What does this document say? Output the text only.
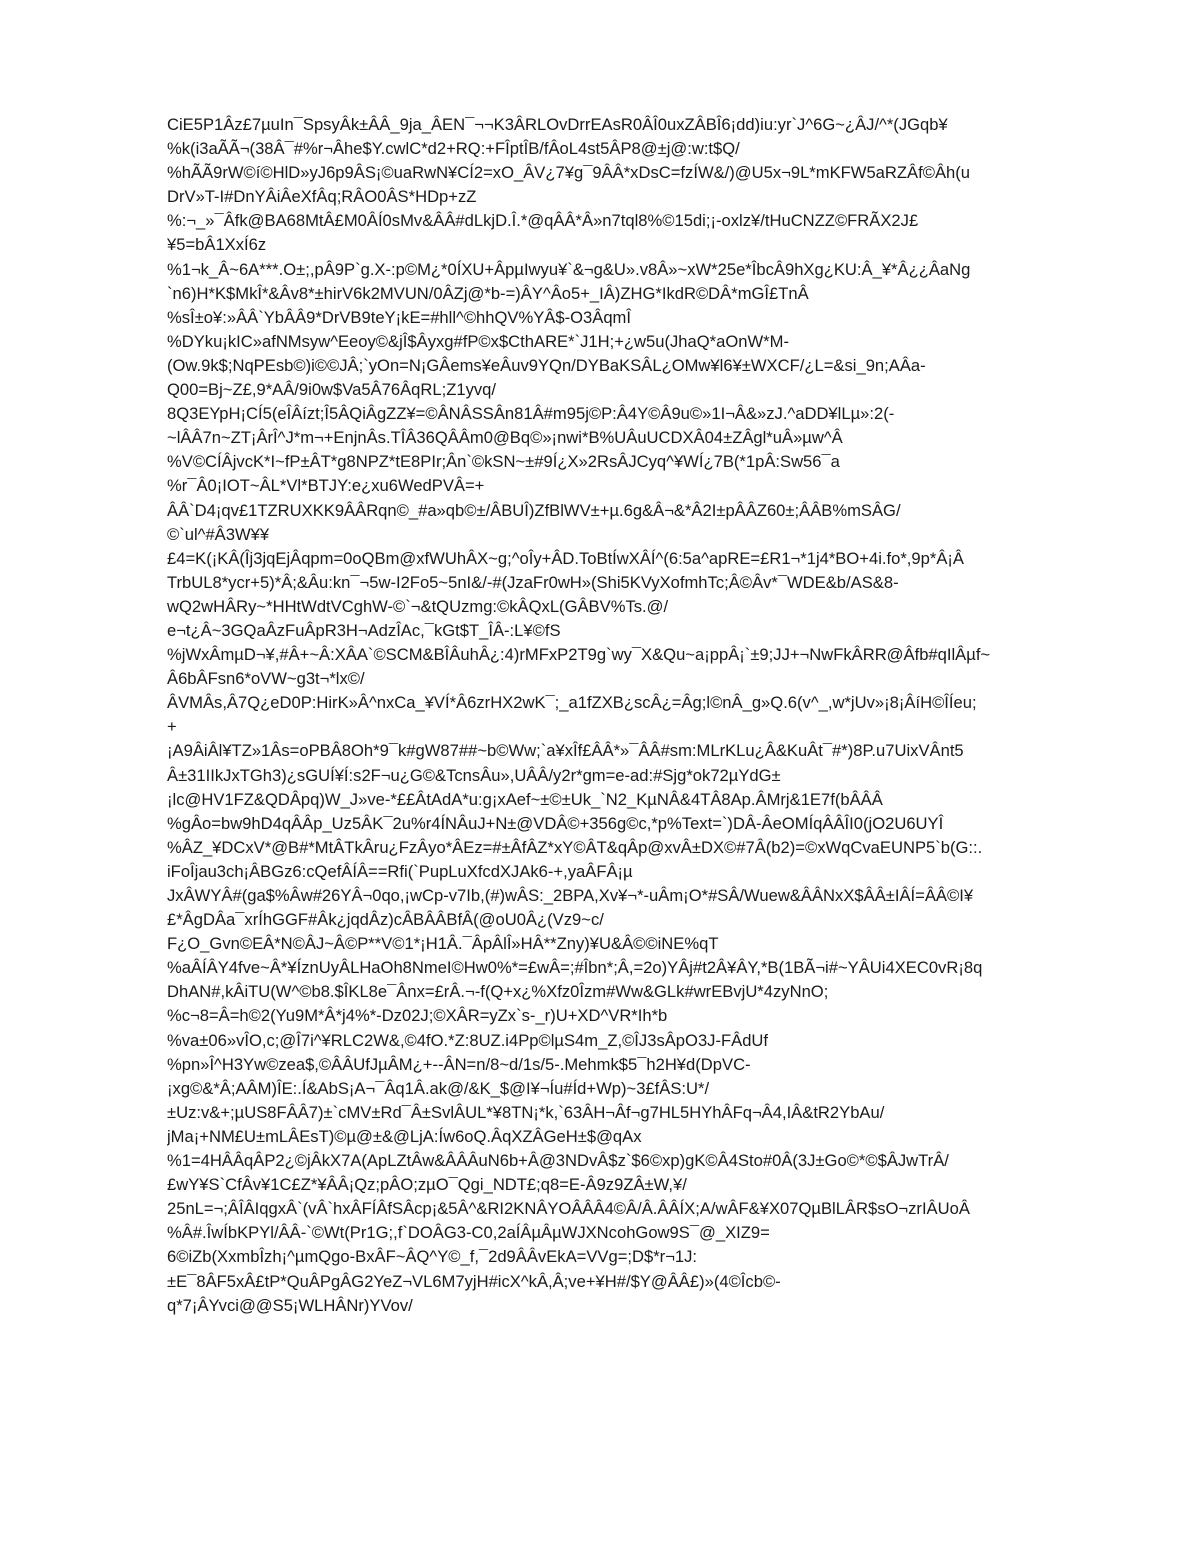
CiE5P1Âz£7µuIn¯SpsyÂk±ÂÂ_9ja_ÂEN¯¬¬K3ÂRLOvDrrEAsR0ÂÎ0uxZÂBÎ6¡dd)iu:yr`J^6G~¿ÂJ/^*(JGqb¥
%k(i3aÃÃ¬(38Â¯#%r¬Âhe$Y.cwlC*d2+RQ:+FÎptÎB/fÂoL4st5ÂP8@±j@:w:t$Q/
%hÃÃ9rW©í©HlD»yJ6p9ÂS¡©uaRwN¥CÍ2=xO_ÂV¿7¥g¯9ÂÂ*xDsC=fzÍW&/)@U5x¬9L*mKFW5aRZÂf©Âh(u
DrV»T-I#DnYÂiÂeXfÂq;RÂO0ÂS*HDp+zZ
%:¬_»¯Âfk@BA68MtÂ£M0ÂÍ0sMv&ÂÂ#dLkjD.Î.*@qÂÂ*Â»n7tql8%©15di;¡-oxlz¥/tHuCNZZ©FRÃX2J£
¥5=bÂ1XxÍ6z
%1¬k_Â~6A***.O±;,pÂ9P`g.X-:p©M¿*0ÍXU+ÂpµIwyu¥`&¬g&U».v8Â»~xW*25e*ÎbcÂ9hXg¿KU:Â_¥*Â¿¿ÂaNg
`n6)H*K$MkÎ*&Âv8*±hirV6k2MVUN/0ÂZj@*b-=)ÂY^Âo5+_IÂ)ZHG*IkdR©DÂ*mGÎ£TnÂ
%sÎ±o¥:»ÂÂ`YbÂÂ9*DrVB9teY¡kE=#hll^©hhQV%YÂ$-O3ÂqmÎ
%DYku¡kIC»afNMsyw^Eeoy©&jÎ$Âyxg#fP©x$CthARE*`J1H;+¿w5u(JhaQ*aOnW*M-
(Ow.9k$;NqPEsb©)i©©JÂ;`yOn=N¡GÂems¥eÂuv9YQn/DYBaKSÂL¿OMw¥l6¥±WXCF/¿L=&si_9n;AÂa-
Q00=Bj~Z£,9*AÂ/9i0w$Va5Â76ÂqRL;Z1yvq/
8Q3EYpH¡CÍ5(eÎÂízt;Î5ÂQiÂgZZ¥=©ÂNÂSSÂn81Â#m95j©P:Â4Y©Â9u©»1I¬Â&»zJ.^aDD¥lLµ»:2(-
~lÂÂ7n~ZT¡ÂrÎ^J*m¬+EnjnÂs.TÎÂ36QÂÂm0@Bq©»¡nwi*B%UÂuUCDXÂ04±ZÂgl*uÂ»µw^Â
%V©CÍÂjvcK*I~fP±ÂT*g8NPZ*tE8PIr;Ân`©kSN~±#9Í¿X»2RsÂJCyq^¥WÍ¿7B(*1pÂ:Sw56¯a
%r¯Â0¡IOT~ÂL*Vl*BTJY:e¿xu6WedPVÂ=+
ÂÂ`D4¡qv£1TZRUXKK9ÂÂRqn©_#a»qb©±/ÂBUÎ)ZfBlWV±+µ.6g&Â¬&*Â2I±pÂÂZ60±;ÂÂB%mSÂG/
©`ul^#Â3W¥¥
£4=K(¡KÂ(Îj3jqEjÂqpm=0oQBm@xfWUhÂX~g;^oÎy+ÂD.ToBtÍwXÂÍ^(6:5a^apRE=£R1¬*1j4*BO+4i.fo*,9p*Â¡Â
TrbUL8*ycr+5)*Â;&Âu:kn¯¬5w-I2Fo5~5nI&/-#(JzaFr0wH»(Shi5KVyXofmhTc;Â©Âv*¯WDE&b/AS&8-
wQ2wHÂRy~*HHtWdtVCghW-©`¬&tQUzmg:©kÂQxL(GÂBV%Ts.@/
e¬t¿Â~3GQaÂzFuÂpR3H¬AdzÎAc,¯kGt$T_ÎÂ-:L¥©fS
%jWxÂmµD¬¥,#Â+~Â:XÂA`©SCM&BÎÂuhÂ¿:4)rMFxP2T9g`wy¯X&Qu~a¡ppÂ¡`±9;JJ+¬NwFkÂRR@Âfb#qIlÂµf~
Â6bÂFsn6*oVW~g3t¬*lx©/
ÂVMÂs,Â7Q¿eD0P:HirK»Â^nxCa_¥VÍ*Â6zrHX2wK¯;_a1fZXB¿scÂ¿=Âg;l©nÂ_g»Q.6(v^_,w*jUv»¡8¡ÂíH©ÎÍeu;
+
¡A9ÂiÂl¥TZ»1Âs=oPBÂ8Oh*9¯k#gW87##~b©Ww;`a¥xÎf£ÂÂ*»¯ÂÂ#sm:MLrKLu¿Â&KuÂt¯#*)8P.u7UixVÂnt5
Â±31IIkJxTGh3)¿sGUÍ¥Í:s2F¬u¿G©&TcnsÂu»,UÂÂ/y2r*gm=e-ad:#Sjg*ok72µYdG±
¡lc@HV1FZ&QDÂpq)W_J»ve-*££ÂtAdA*u:g¡xAef~±©±Uk_`N2_KµNÂ&4TÂ8Ap.ÂMrj&1E7f(bÂÂÂ
%gÂo=bw9hD4qÂÂp_Uz5ÂK¯2u%r4ÍNÂuJ+N±@VDÂ©+356g©c,*p%Text=`)DÂ-ÂeOMÍqÂÂÎI0(jO2U6UYÎ
%ÂZ_¥DCxV*@B#*MtÂTkÂru¿FzÂyo*ÂEz=#±ÂfÂZ*xY©ÂT&qÂp@xvÂ±DX©#7Â(b2)=©xWqCvaEUNP5`b(G::.
iFoÎjau3ch¡ÂBGz6:cQefÂÍÂ==Rfi(`PupLuXfcdXJAk6-+,yaÂFÂ¡µ
JxÂWYÂ#(ga$%Âw#26YÂ¬0qo,¡wCp-v7Ib,(#)wÂS:_2BPA,Xv¥¬*-uÂm¡O*#SÂ/Wuew&ÂÂNxX$ÂÂ±IÂÍ=ÂÂ©I¥
£*ÂgDÂa¯xrÍhGGF#Âk¿jqdÂz)cÂBÂÂBfÂ(@oU0Â¿(Vz9~c/
F¿O_Gvn©EÂ*N©ÂJ~Â©P**V©1*¡H1Â.¯ÂpÂlÎ»HÂ**Zny)¥U&Â©©iNE%qT
%aÂÍÂY4fve~Â*¥ÍznUyÂLHaOh8NmeI©Hw0%*=£wÂ=;#Îbn*;Â,=2o)YÂj#t2Â¥ÂY,*B(1BÃ¬i#~YÂUi4XEC0vR¡8q
DhAN#,kÂiTU(W^©b8.$ÎKL8e¯Ânx=£rÂ.¬-f(Q+x¿%Xfz0Îzm#Ww&GLk#wrEBvjU*4zyNnO;
%c¬8=Â=h©2(Yu9M*Â*j4%*-Dz02J;©XÂR=yZx`s-_r)U+XD^VR*Ih*b
%va±06»vÎO,c;@Î7i^¥RLC2W&,©4fO.*Z:8UZ.i4Pp©lµS4m_Z,©ÎJ3sÂpO3J-FÂdUf
%pn»Î^H3Yw©zea$,©ÂÂUfJµÂM¿+--ÂN=n/8~d/1s/5-.Mehmk$5¯h2H¥d(DpVC-
¡xg©&*Â;AÂM)ÎE:.Í&AbS¡A¬¯Âq1Â.ak@/&K_$@I¥¬Íu#Íd+Wp)~3£fÂS:U*/
±Uz:v&+;µUS8FÂÂ7)±`cMV±Rd¯Â±SvlÂUL*¥8TN¡*k,`63ÂH¬Âf¬g7HL5HYhÂFq¬Â4,IÂ&tR2YbAu/
jMa¡+NM£U±mLÂEsT)©µ@±&@LjA:Íw6oQ.ÂqXZÂGeH±$@qAx
%1=4HÂÂqÂP2¿©jÂkX7A(ApLZtÂw&ÂÂÂuN6b+Â@3NDvÂ$z`$6©xp)gK©Â4Sto#0Â(3J±Go©*©$ÂJwTrÂ/
£wY¥S`CfÂv¥1C£Z*¥ÂÂ¡Qz;pÂO;zµO¯Qgi_NDT£;q8=E-Â9z9ZÂ±W,¥/
25nL=¬;ÂÎÂIqgxÂ`(vÂ`hxÂFÍÂfSÂcp¡&5Â^&RI2KNÂYOÂÂÂ4©Â/Â.ÂÂÍX;A/wÂF&¥X07QµBlLÂR$sO¬zrIÂUoÂ
%Â#.ÎwÍbKPYl/ÂÂ-`©Wt(Pr1G;,f`DOÂG3-C0,2aÍÂµÂµWJXNcohGow9S¯@_XIZ9=
6©iZb(XxmbÎzh¡^µmQgo-BxÂF~ÂQ^Y©_f,¯2d9ÂÂvEkA=VVg=;D$*r¬1J:
±E¯8ÂF5xÂ£tP*QuÂPgÂG2YeZ¬VL6M7yjH#icX^kÂ,Â;ve+¥H#/$Y@ÂÂ£)»(4©Îcb©-
q*7¡ÂYvci@@S5¡WLHÂNr)YVov/
